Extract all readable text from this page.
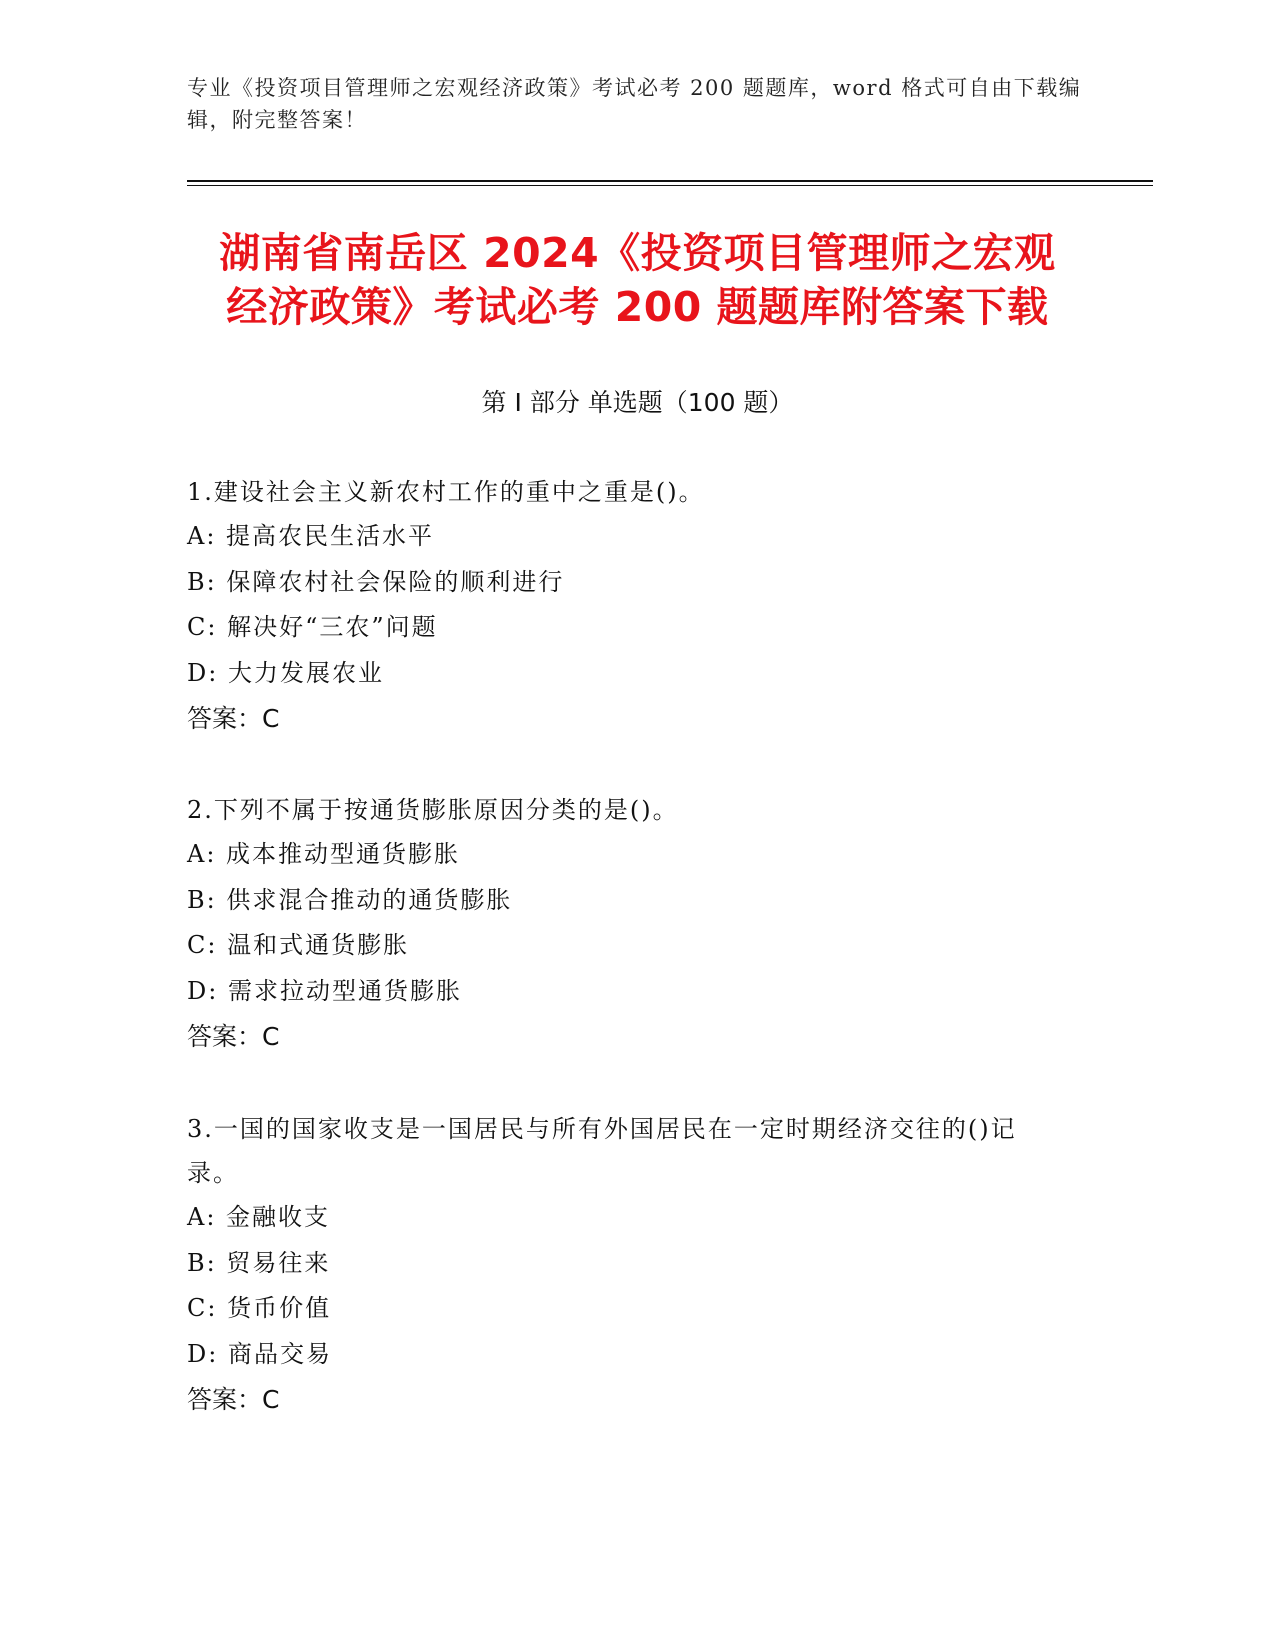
专业《投资项目管理师之宏观经济政策》考试必考 200 题题库，word 格式可自由下载编辑，附完整答案！
湖南省南岳区 2024《投资项目管理师之宏观
经济政策》考试必考 200 题题库附答案下载
第 I 部分 单选题（100 题）
1.建设社会主义新农村工作的重中之重是()。
A: 提高农民生活水平
B: 保障农村社会保险的顺利进行
C: 解决好“三农”问题
D: 大力发展农业
答案：C
2.下列不属于按通货膨胀原因分类的是()。
A: 成本推动型通货膨胀
B: 供求混合推动的通货膨胀
C: 温和式通货膨胀
D: 需求拉动型通货膨胀
答案：C
3.一国的国家收支是一国居民与所有外国居民在一定时期经济交往的()记录。
A: 金融收支
B: 贸易往来
C: 货币价值
D: 商品交易
答案：C
